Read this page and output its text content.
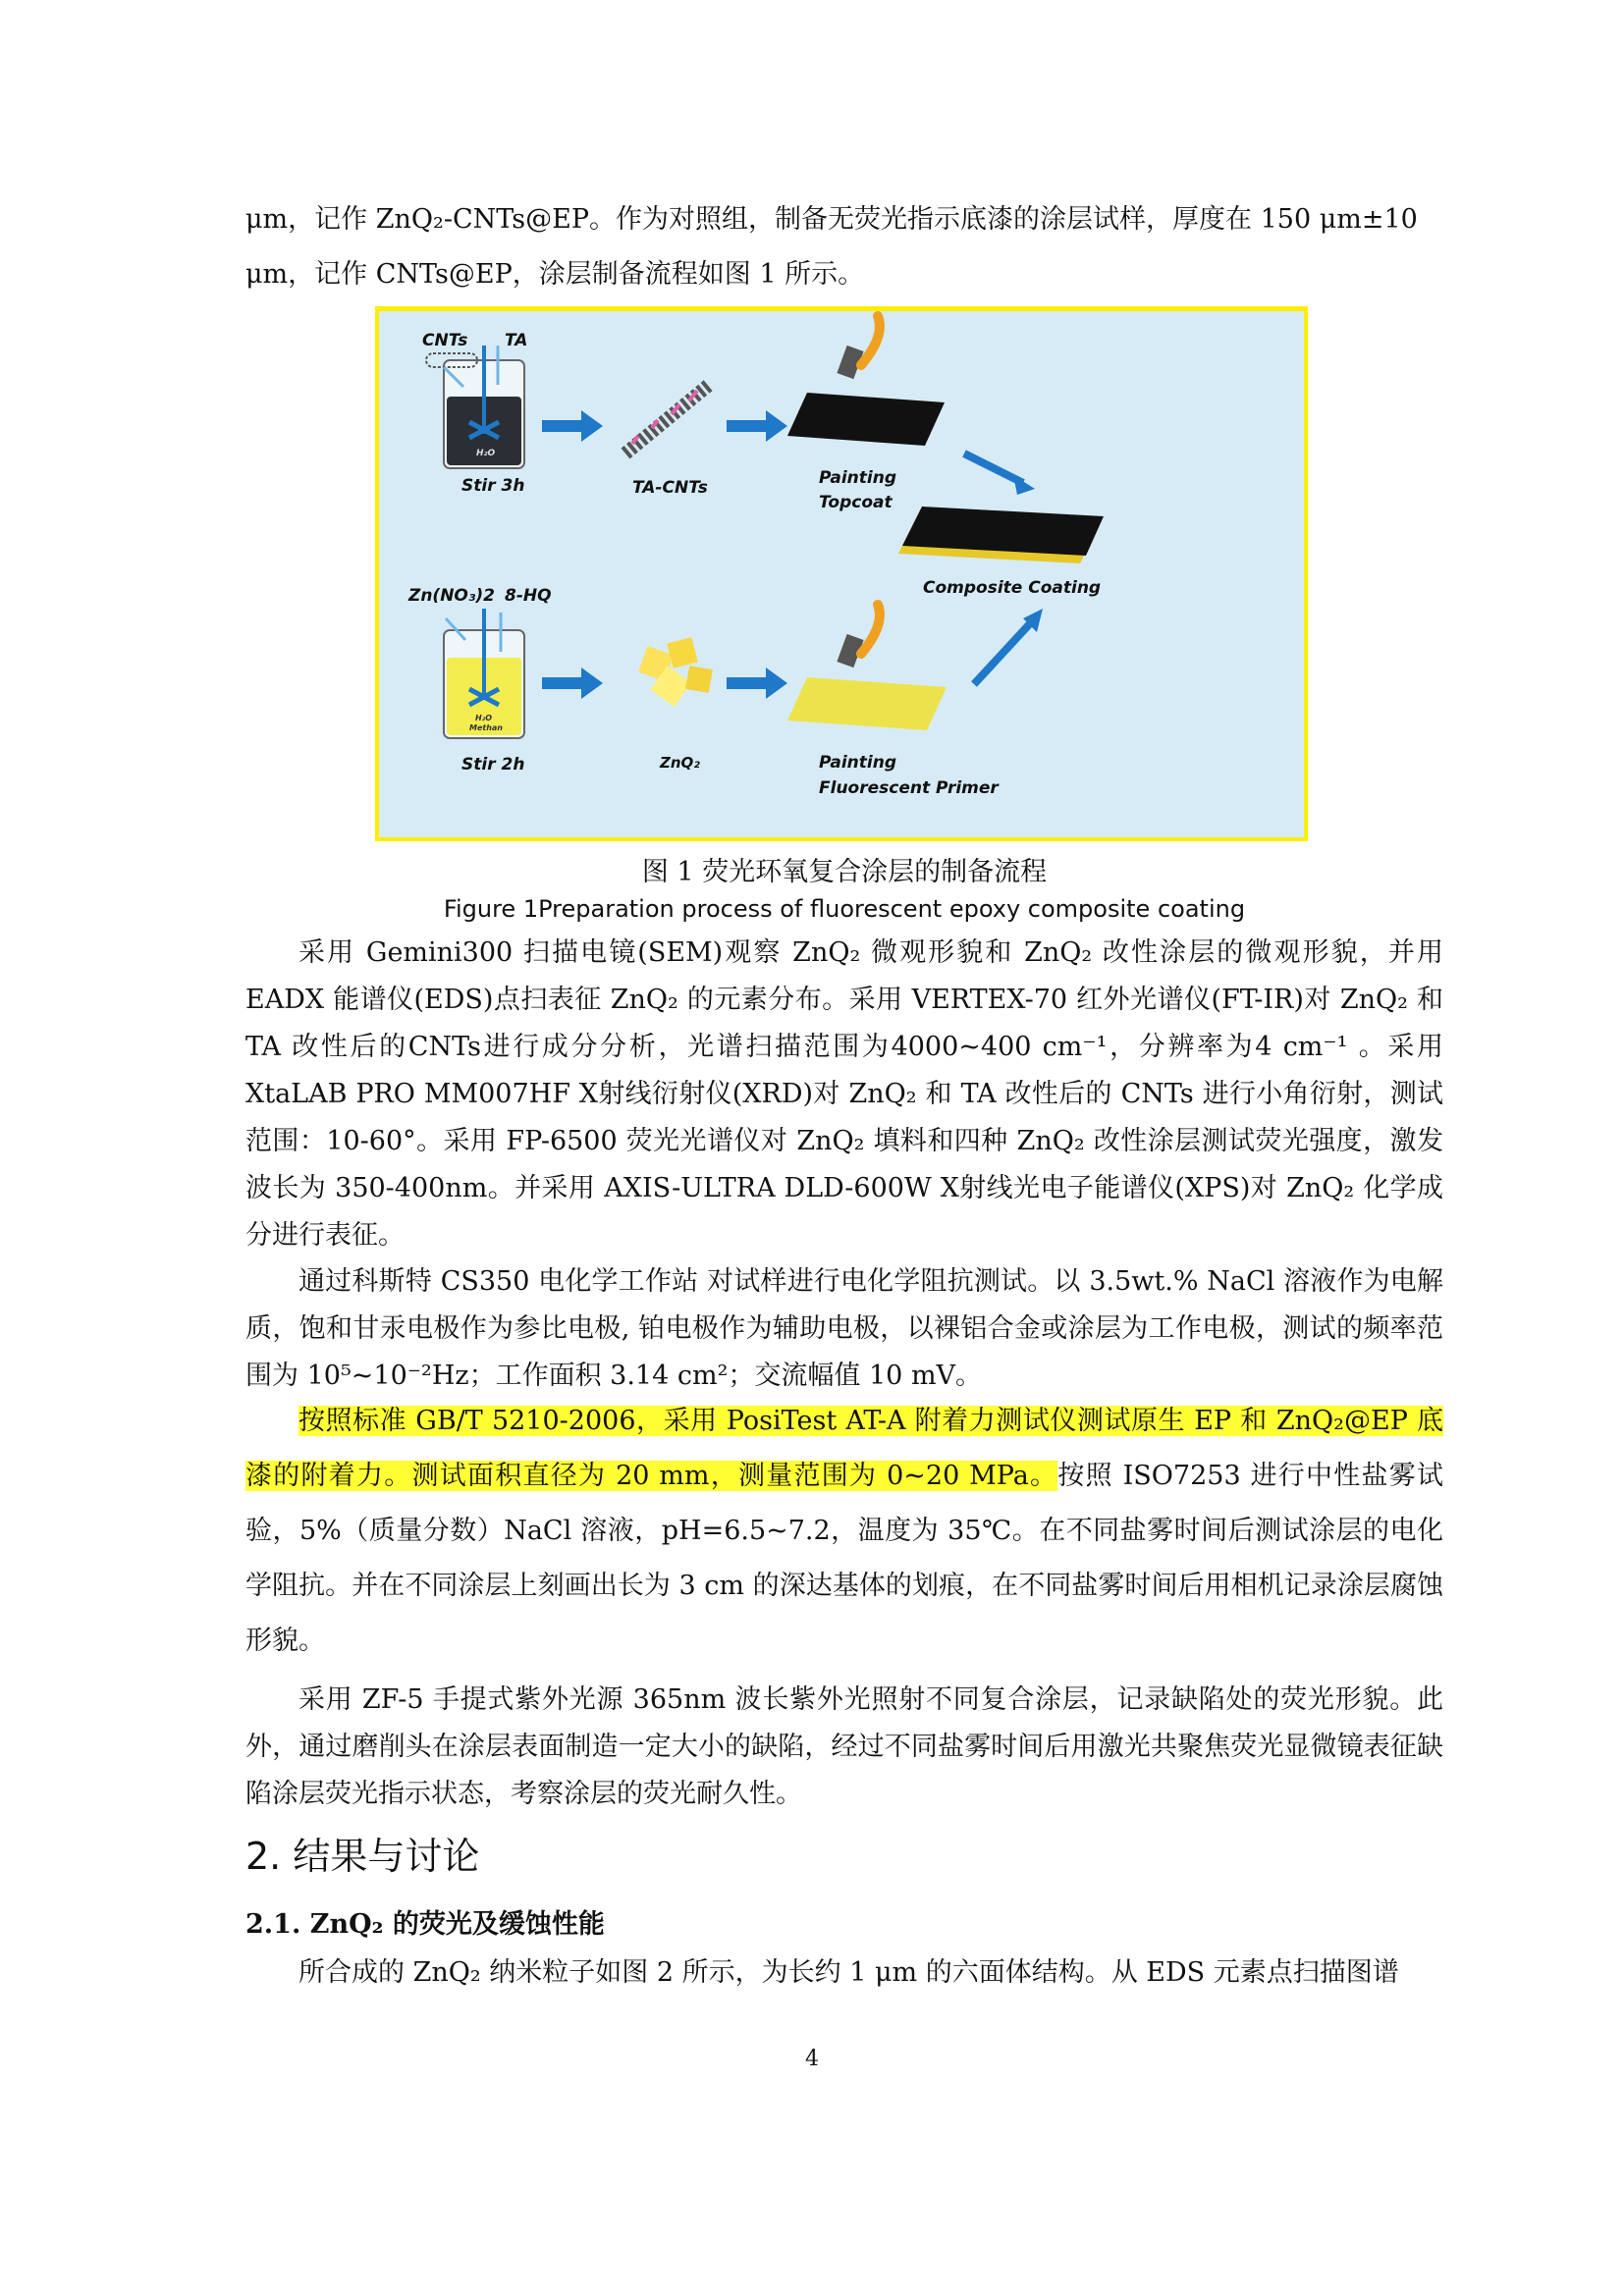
μm，记作 ZnQ₂-CNTs@EP。作为对照组，制备无荧光指示底漆的涂层试样，厚度在 150 μm±10
μm，记作 CNTs@EP，涂层制备流程如图 1 所示。
H₂O
CNTs TA
Stir 3h	TA-CNTs	Painting
Topcoat
Composite Coating
H₂O
Methan
Zn(NO₃)2 8-HQ
Stir 2h	ZnQ₂	Painting
Fluorescent Primer
图 1 荧光环氧复合涂层的制备流程
Figure 1Preparation process of fluorescent epoxy composite coating
采用 Gemini300 扫描电镜(SEM)观察 ZnQ₂ 微观形貌和 ZnQ₂ 改性涂层的微观形貌，并用 EADX 能谱仪(EDS)点扫表征 ZnQ₂ 的元素分布。采用 VERTEX-70 红外光谱仪(FT-IR)对 ZnQ₂ 和 TA 改性后的CNTs进行成分分析，光谱扫描范围为4000~400 cm⁻¹，分辨率为4 cm⁻¹ 。采用 XtaLAB PRO MM007HF X射线衍射仪(XRD)对 ZnQ₂ 和 TA 改性后的 CNTs 进行小角衍射，测试范围：10-60°。采用 FP-6500 荧光光谱仪对 ZnQ₂ 填料和四种 ZnQ₂ 改性涂层测试荧光强度，激发波长为 350-400nm。并采用 AXIS-ULTRA DLD-600W X射线光电子能谱仪(XPS)对 ZnQ₂ 化学成分进行表征。
通过科斯特 CS350 电化学工作站 对试样进行电化学阻抗测试。以 3.5wt.% NaCl 溶液作为电解质，饱和甘汞电极作为参比电极, 铂电极作为辅助电极，以裸铝合金或涂层为工作电极，测试的频率范围为 10⁵~10⁻²Hz；工作面积 3.14 cm²；交流幅值 10 mV。
按照标准 GB/T 5210-2006，采用 PosiTest AT-A 附着力测试仪测试原生 EP 和 ZnQ₂@EP 底漆的附着力。测试面积直径为 20 mm，测量范围为 0~20 MPa。按照 ISO7253 进行中性盐雾试验，5%（质量分数）NaCl 溶液，pH=6.5~7.2，温度为 35℃。在不同盐雾时间后测试涂层的电化学阻抗。并在不同涂层上刻画出长为 3 cm 的深达基体的划痕，在不同盐雾时间后用相机记录涂层腐蚀形貌。
采用 ZF-5 手提式紫外光源 365nm 波长紫外光照射不同复合涂层，记录缺陷处的荧光形貌。此外，通过磨削头在涂层表面制造一定大小的缺陷，经过不同盐雾时间后用激光共聚焦荧光显微镜表征缺陷涂层荧光指示状态，考察涂层的荧光耐久性。
2. 结果与讨论
2.1. ZnQ₂ 的荧光及缓蚀性能
所合成的 ZnQ₂ 纳米粒子如图 2 所示，为长约 1 μm 的六面体结构。从 EDS 元素点扫描图谱
4
